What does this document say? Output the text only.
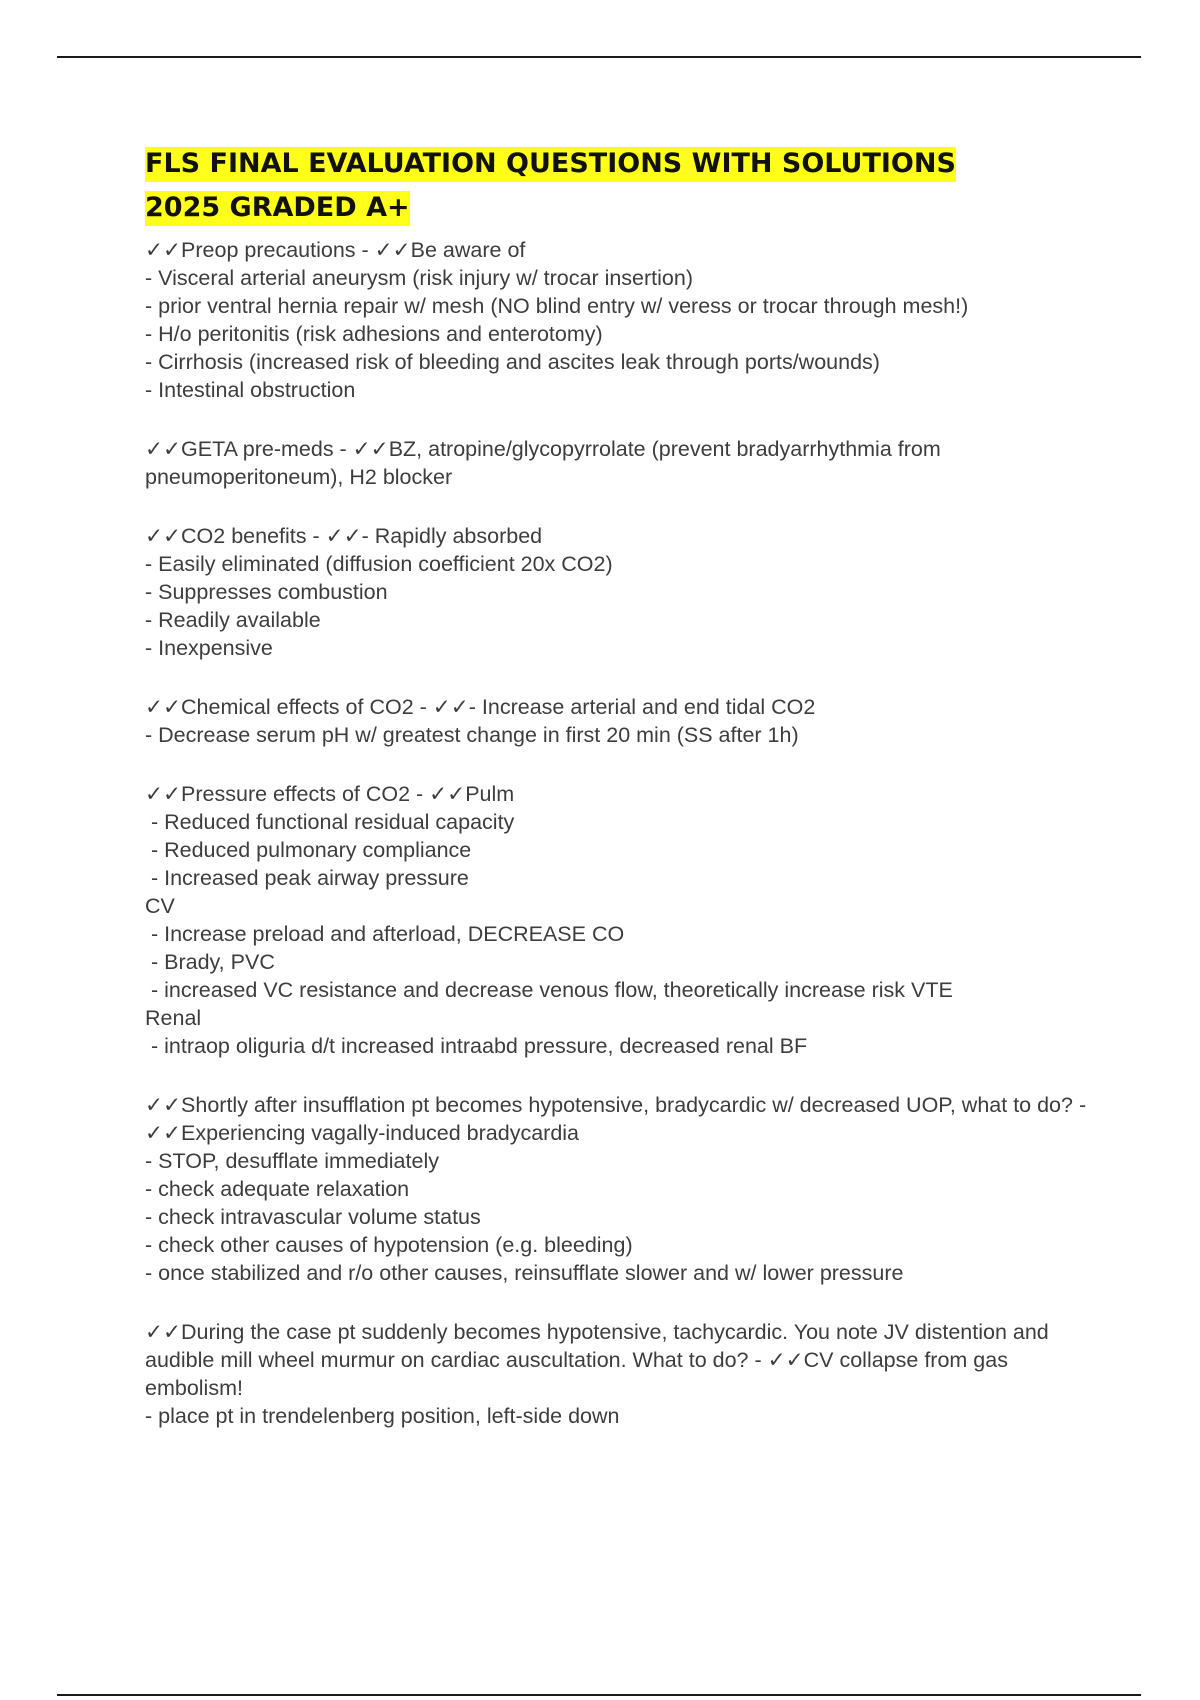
FLS FINAL EVALUATION QUESTIONS WITH SOLUTIONS
2025 GRADED A+

✓✓Preop precautions - ✓✓Be aware of

- Visceral arterial aneurysm (risk injury w/ trocar insertion)

- prior ventral hernia repair w/ mesh (NO blind entry w/ veress or trocar through mesh!)

- H/o peritonitis (risk adhesions and enterotomy)

- Cirrhosis (increased risk of bleeding and ascites leak through ports/wounds)

- Intestinal obstruction

✓✓GETA pre-meds - ✓✓BZ, atropine/glycopyrrolate (prevent bradyarrhythmia from pneumoperitoneum), H2 blocker

✓✓CO2 benefits - ✓✓- Rapidly absorbed

- Easily eliminated (diffusion coefficient 20x CO2)

- Suppresses combustion

- Readily available

- Inexpensive

✓✓Chemical effects of CO2 - ✓✓- Increase arterial and end tidal CO2

- Decrease serum pH w/ greatest change in first 20 min (SS after 1h)

✓✓Pressure effects of CO2 - ✓✓Pulm

- Reduced functional residual capacity

- Reduced pulmonary compliance

- Increased peak airway pressure

CV

- Increase preload and afterload, DECREASE CO

- Brady, PVC

- increased VC resistance and decrease venous flow, theoretically increase risk VTE

Renal

- intraop oliguria d/t increased intraabd pressure, decreased renal BF

✓✓Shortly after insufflation pt becomes hypotensive, bradycardic w/ decreased UOP, what to do? - ✓✓Experiencing vagally-induced bradycardia

- STOP, desufflate immediately

- check adequate relaxation

- check intravascular volume status

- check other causes of hypotension (e.g. bleeding)

- once stabilized and r/o other causes, reinsufflate slower and w/ lower pressure

✓✓During the case pt suddenly becomes hypotensive, tachycardic. You note JV distention and audible mill wheel murmur on cardiac auscultation. What to do? - ✓✓CV collapse from gas embolism!

- place pt in trendelenberg position, left-side down
